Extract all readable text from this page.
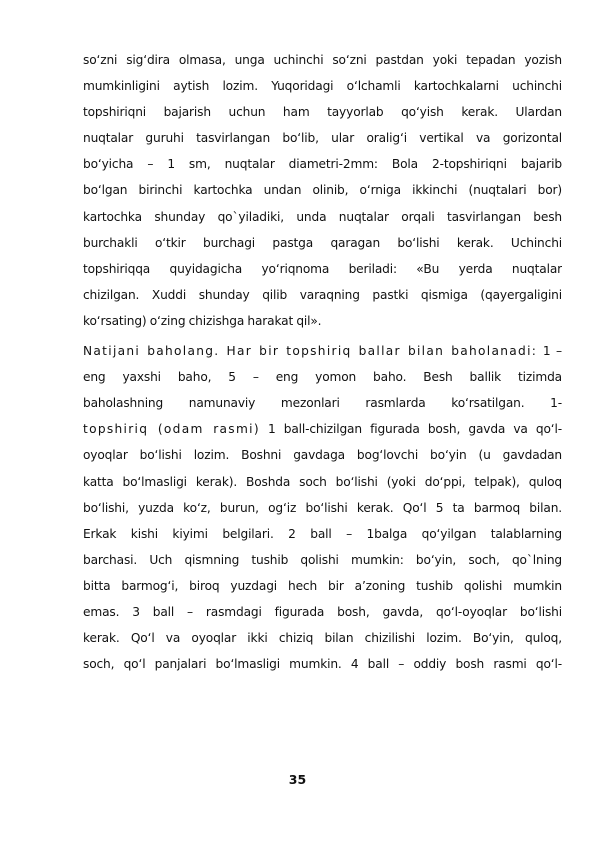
so‘zni sig‘dira olmasa, unga uchinchi so‘zni pastdan yoki tepadan yozish
mumkinligini aytish lozim. Yuqoridagi o‘lchamli kartochkalarni uchinchi
topshiriqni bajarish uchun ham tayyorlab qo‘yish kerak. Ulardan
nuqtalar guruhi tasvirlangan bo‘lib, ular oralig‘i vertikal va gorizontal
bo‘yicha – 1 sm, nuqtalar diametri-2mm: Bola 2-topshiriqni bajarib
bo‘lgan birinchi kartochka undan olinib, o‘rniga ikkinchi (nuqtalari bor)
kartochka shunday qo`yiladiki, unda nuqtalar orqali tasvirlangan besh
burchakli o‘tkir burchagi pastga qaragan bo‘lishi kerak. Uchinchi
topshiriqqa quyidagicha yo‘riqnoma beriladi: «Bu yerda nuqtalar
chizilgan. Xuddi shunday qilib varaqning pastki qismiga (qayergaligini
ko‘rsating) o‘zing chizishga harakat qil».
Natijani baholang. Har bir topshiriq ballar bilan baholanadi: 1 –
eng yaxshi baho, 5 – eng yomon baho. Besh ballik tizimda
baholashning namunaviy mezonlari rasmlarda ko‘rsatilgan. 1-
topshiriq (odam rasmi) 1 ball-chizilgan figurada bosh, gavda va qo‘l-
oyoqlar bo‘lishi lozim. Boshni gavdaga bog‘lovchi bo‘yin (u gavdadan
katta bo‘lmasligi kerak). Boshda soch bo‘lishi (yoki do‘ppi, telpak), quloq
bo‘lishi, yuzda ko‘z, burun, og‘iz bo‘lishi kerak. Qo‘l 5 ta barmoq bilan.
Erkak kishi kiyimi belgilari. 2 ball – 1balga qo‘yilgan talablarning
barchasi. Uch qismning tushib qolishi mumkin: bo‘yin, soch, qo`lning
bitta barmog‘i, biroq yuzdagi hech bir a’zoning tushib qolishi mumkin
emas. 3 ball – rasmdagi figurada bosh, gavda, qo‘l-oyoqlar bo‘lishi
kerak. Qo‘l va oyoqlar ikki chiziq bilan chizilishi lozim. Bo‘yin, quloq,
soch, qo‘l panjalari bo‘lmasligi mumkin. 4 ball – oddiy bosh rasmi qo‘l-
35
